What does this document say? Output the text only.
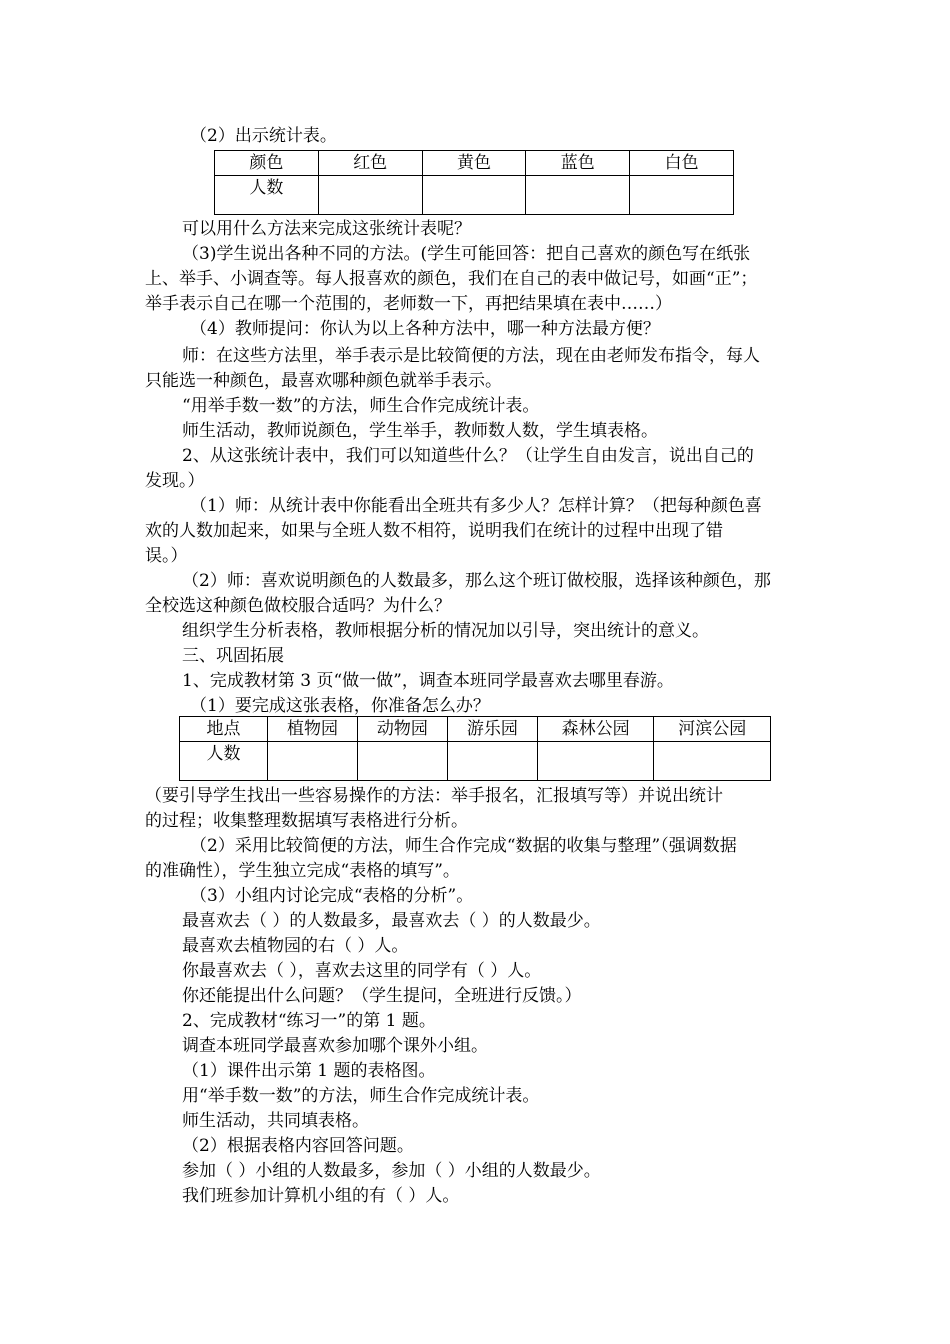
（2）出示统计表。
颜色	红色	黄色	蓝色	白色
人数				
可以用什么方法来完成这张统计表呢？
（3)学生说出各种不同的方法。(学生可能回答：把自己喜欢的颜色写在纸张
上、举手、小调查等。每人报喜欢的颜色，我们在自己的表中做记号，如画“正”；
举手表示自己在哪一个范围的，老师数一下，再把结果填在表中……）
（4）教师提问：你认为以上各种方法中，哪一种方法最方便？
师：在这些方法里，举手表示是比较简便的方法，现在由老师发布指令，每人
只能选一种颜色，最喜欢哪种颜色就举手表示。
“用举手数一数”的方法，师生合作完成统计表。
师生活动，教师说颜色，学生举手，教师数人数，学生填表格。
2、从这张统计表中，我们可以知道些什么？（让学生自由发言，说出自己的
发现。）
（1）师：从统计表中你能看出全班共有多少人？怎样计算？（把每种颜色喜
欢的人数加起来，如果与全班人数不相符，说明我们在统计的过程中出现了错
误。）
（2）师：喜欢说明颜色的人数最多，那么这个班订做校服，选择该种颜色，那
全校选这种颜色做校服合适吗？为什么？
组织学生分析表格，教师根据分析的情况加以引导，突出统计的意义。
三、巩固拓展
1、完成教材第 3 页“做一做”，调查本班同学最喜欢去哪里春游。
（1）要完成这张表格，你准备怎么办？
地点	植物园	动物园	游乐园	森林公园	河滨公园
人数					
（要引导学生找出一些容易操作的方法：举手报名，汇报填写等）并说出统计
的过程；收集整理数据填写表格进行分析。
（2）采用比较简便的方法，师生合作完成“数据的收集与整理”（强调数据
的准确性），学生独立完成“表格的填写”。
（3）小组内讨论完成“表格的分析”。
最喜欢去（ ）的人数最多，最喜欢去（ ）的人数最少。
最喜欢去植物园的右（ ）人。
你最喜欢去（ ），喜欢去这里的同学有（ ）人。
你还能提出什么问题？（学生提问，全班进行反馈。）
2、完成教材“练习一”的第 1 题。
调查本班同学最喜欢参加哪个课外小组。
（1）课件出示第 1 题的表格图。
用“举手数一数”的方法，师生合作完成统计表。
师生活动，共同填表格。
（2）根据表格内容回答问题。
参加（ ）小组的人数最多，参加（ ）小组的人数最少。
我们班参加计算机小组的有（ ）人。
